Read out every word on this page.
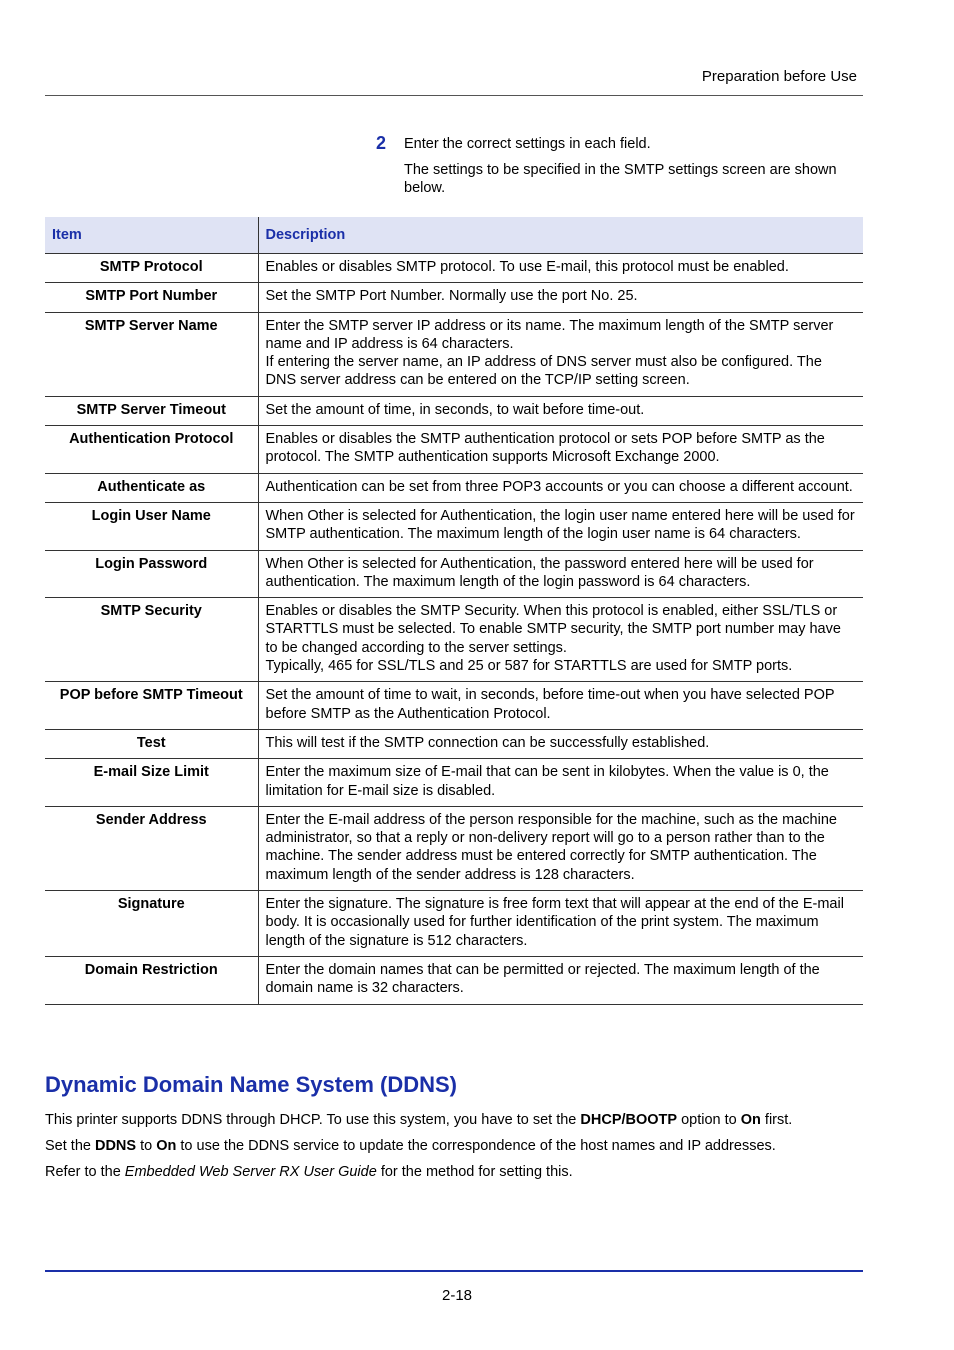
Preparation before Use
2 Enter the correct settings in each field.
The settings to be specified in the SMTP settings screen are shown below.
Item	Description
SMTP Protocol	Enables or disables SMTP protocol. To use E-mail, this protocol must be enabled.
SMTP Port Number	Set the SMTP Port Number. Normally use the port No. 25.
SMTP Server Name	Enter the SMTP server IP address or its name. The maximum length of the SMTP server name and IP address is 64 characters.
If entering the server name, an IP address of DNS server must also be configured. The DNS server address can be entered on the TCP/IP setting screen.
SMTP Server Timeout	Set the amount of time, in seconds, to wait before time-out.
Authentication Protocol	Enables or disables the SMTP authentication protocol or sets POP before SMTP as the protocol. The SMTP authentication supports Microsoft Exchange 2000.
Authenticate as	Authentication can be set from three POP3 accounts or you can choose a different account.
Login User Name	When Other is selected for Authentication, the login user name entered here will be used for SMTP authentication. The maximum length of the login user name is 64 characters.
Login Password	When Other is selected for Authentication, the password entered here will be used for authentication. The maximum length of the login password is 64 characters.
SMTP Security	Enables or disables the SMTP Security. When this protocol is enabled, either SSL/TLS or STARTTLS must be selected. To enable SMTP security, the SMTP port number may have to be changed according to the server settings.
Typically, 465 for SSL/TLS and 25 or 587 for STARTTLS are used for SMTP ports.
POP before SMTP Timeout	Set the amount of time to wait, in seconds, before time-out when you have selected POP before SMTP as the Authentication Protocol.
Test	This will test if the SMTP connection can be successfully established.
E-mail Size Limit	Enter the maximum size of E-mail that can be sent in kilobytes. When the value is 0, the limitation for E-mail size is disabled.
Sender Address	Enter the E-mail address of the person responsible for the machine, such as the machine administrator, so that a reply or non-delivery report will go to a person rather than to the machine. The sender address must be entered correctly for SMTP authentication. The maximum length of the sender address is 128 characters.
Signature	Enter the signature. The signature is free form text that will appear at the end of the E-mail body. It is occasionally used for further identification of the print system. The maximum length of the signature is 512 characters.
Domain Restriction	Enter the domain names that can be permitted or rejected. The maximum length of the domain name is 32 characters.
Dynamic Domain Name System (DDNS)

This printer supports DDNS through DHCP. To use this system, you have to set the DHCP/BOOTP option to On first.

Set the DDNS to On to use the DDNS service to update the correspondence of the host names and IP addresses.

Refer to the Embedded Web Server RX User Guide for the method for setting this.

2-18
